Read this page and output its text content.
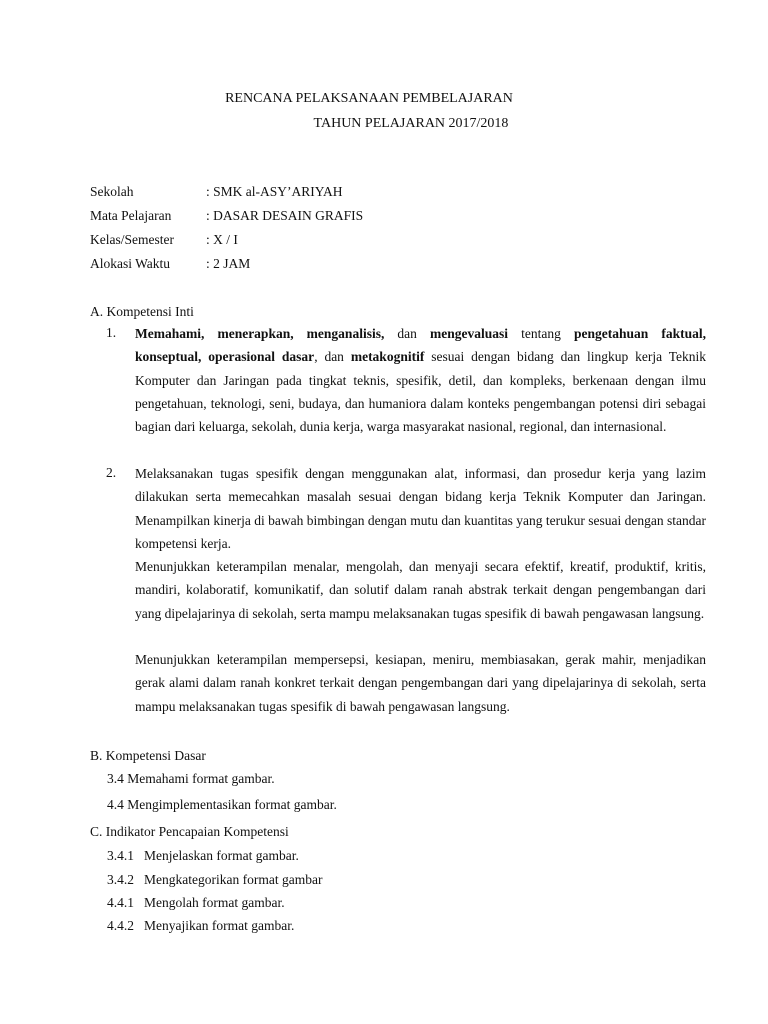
RENCANA PELAKSANAAN PEMBELAJARAN
TAHUN PELAJARAN 2017/2018
Sekolah	: SMK al-ASY’ARIYAH
Mata Pelajaran	: DASAR DESAIN GRAFIS
Kelas/Semester : X / I
Alokasi Waktu	: 2 JAM
A. Kompetensi Inti
1. Memahami, menerapkan, menganalisis, dan mengevaluasi tentang pengetahuan faktual, konseptual, operasional dasar, dan metakognitif sesuai dengan bidang dan lingkup kerja Teknik Komputer dan Jaringan pada tingkat teknis, spesifik, detil, dan kompleks, berkenaan dengan ilmu pengetahuan, teknologi, seni, budaya, dan humaniora dalam konteks pengembangan potensi diri sebagai bagian dari keluarga, sekolah, dunia kerja, warga masyarakat nasional, regional, dan internasional.
2. Melaksanakan tugas spesifik dengan menggunakan alat, informasi, dan prosedur kerja yang lazim dilakukan serta memecahkan masalah sesuai dengan bidang kerja Teknik Komputer dan Jaringan. Menampilkan kinerja di bawah bimbingan dengan mutu dan kuantitas yang terukur sesuai dengan standar kompetensi kerja.
Menunjukkan keterampilan menalar, mengolah, dan menyaji secara efektif, kreatif, produktif, kritis, mandiri, kolaboratif, komunikatif, dan solutif dalam ranah abstrak terkait dengan pengembangan dari yang dipelajarinya di sekolah, serta mampu melaksanakan tugas spesifik di bawah pengawasan langsung.
Menunjukkan keterampilan mempersepsi, kesiapan, meniru, membiasakan, gerak mahir, menjadikan gerak alami dalam ranah konkret terkait dengan pengembangan dari yang dipelajarinya di sekolah, serta mampu melaksanakan tugas spesifik di bawah pengawasan langsung.
B. Kompetensi Dasar
3.4 Memahami format gambar.
4.4 Mengimplementasikan format gambar.
C. Indikator Pencapaian Kompetensi
3.4.1 Menjelaskan format gambar.
3.4.2 Mengkategorikan format gambar
4.4.1 Mengolah format gambar.
4.4.2 Menyajikan format gambar.
